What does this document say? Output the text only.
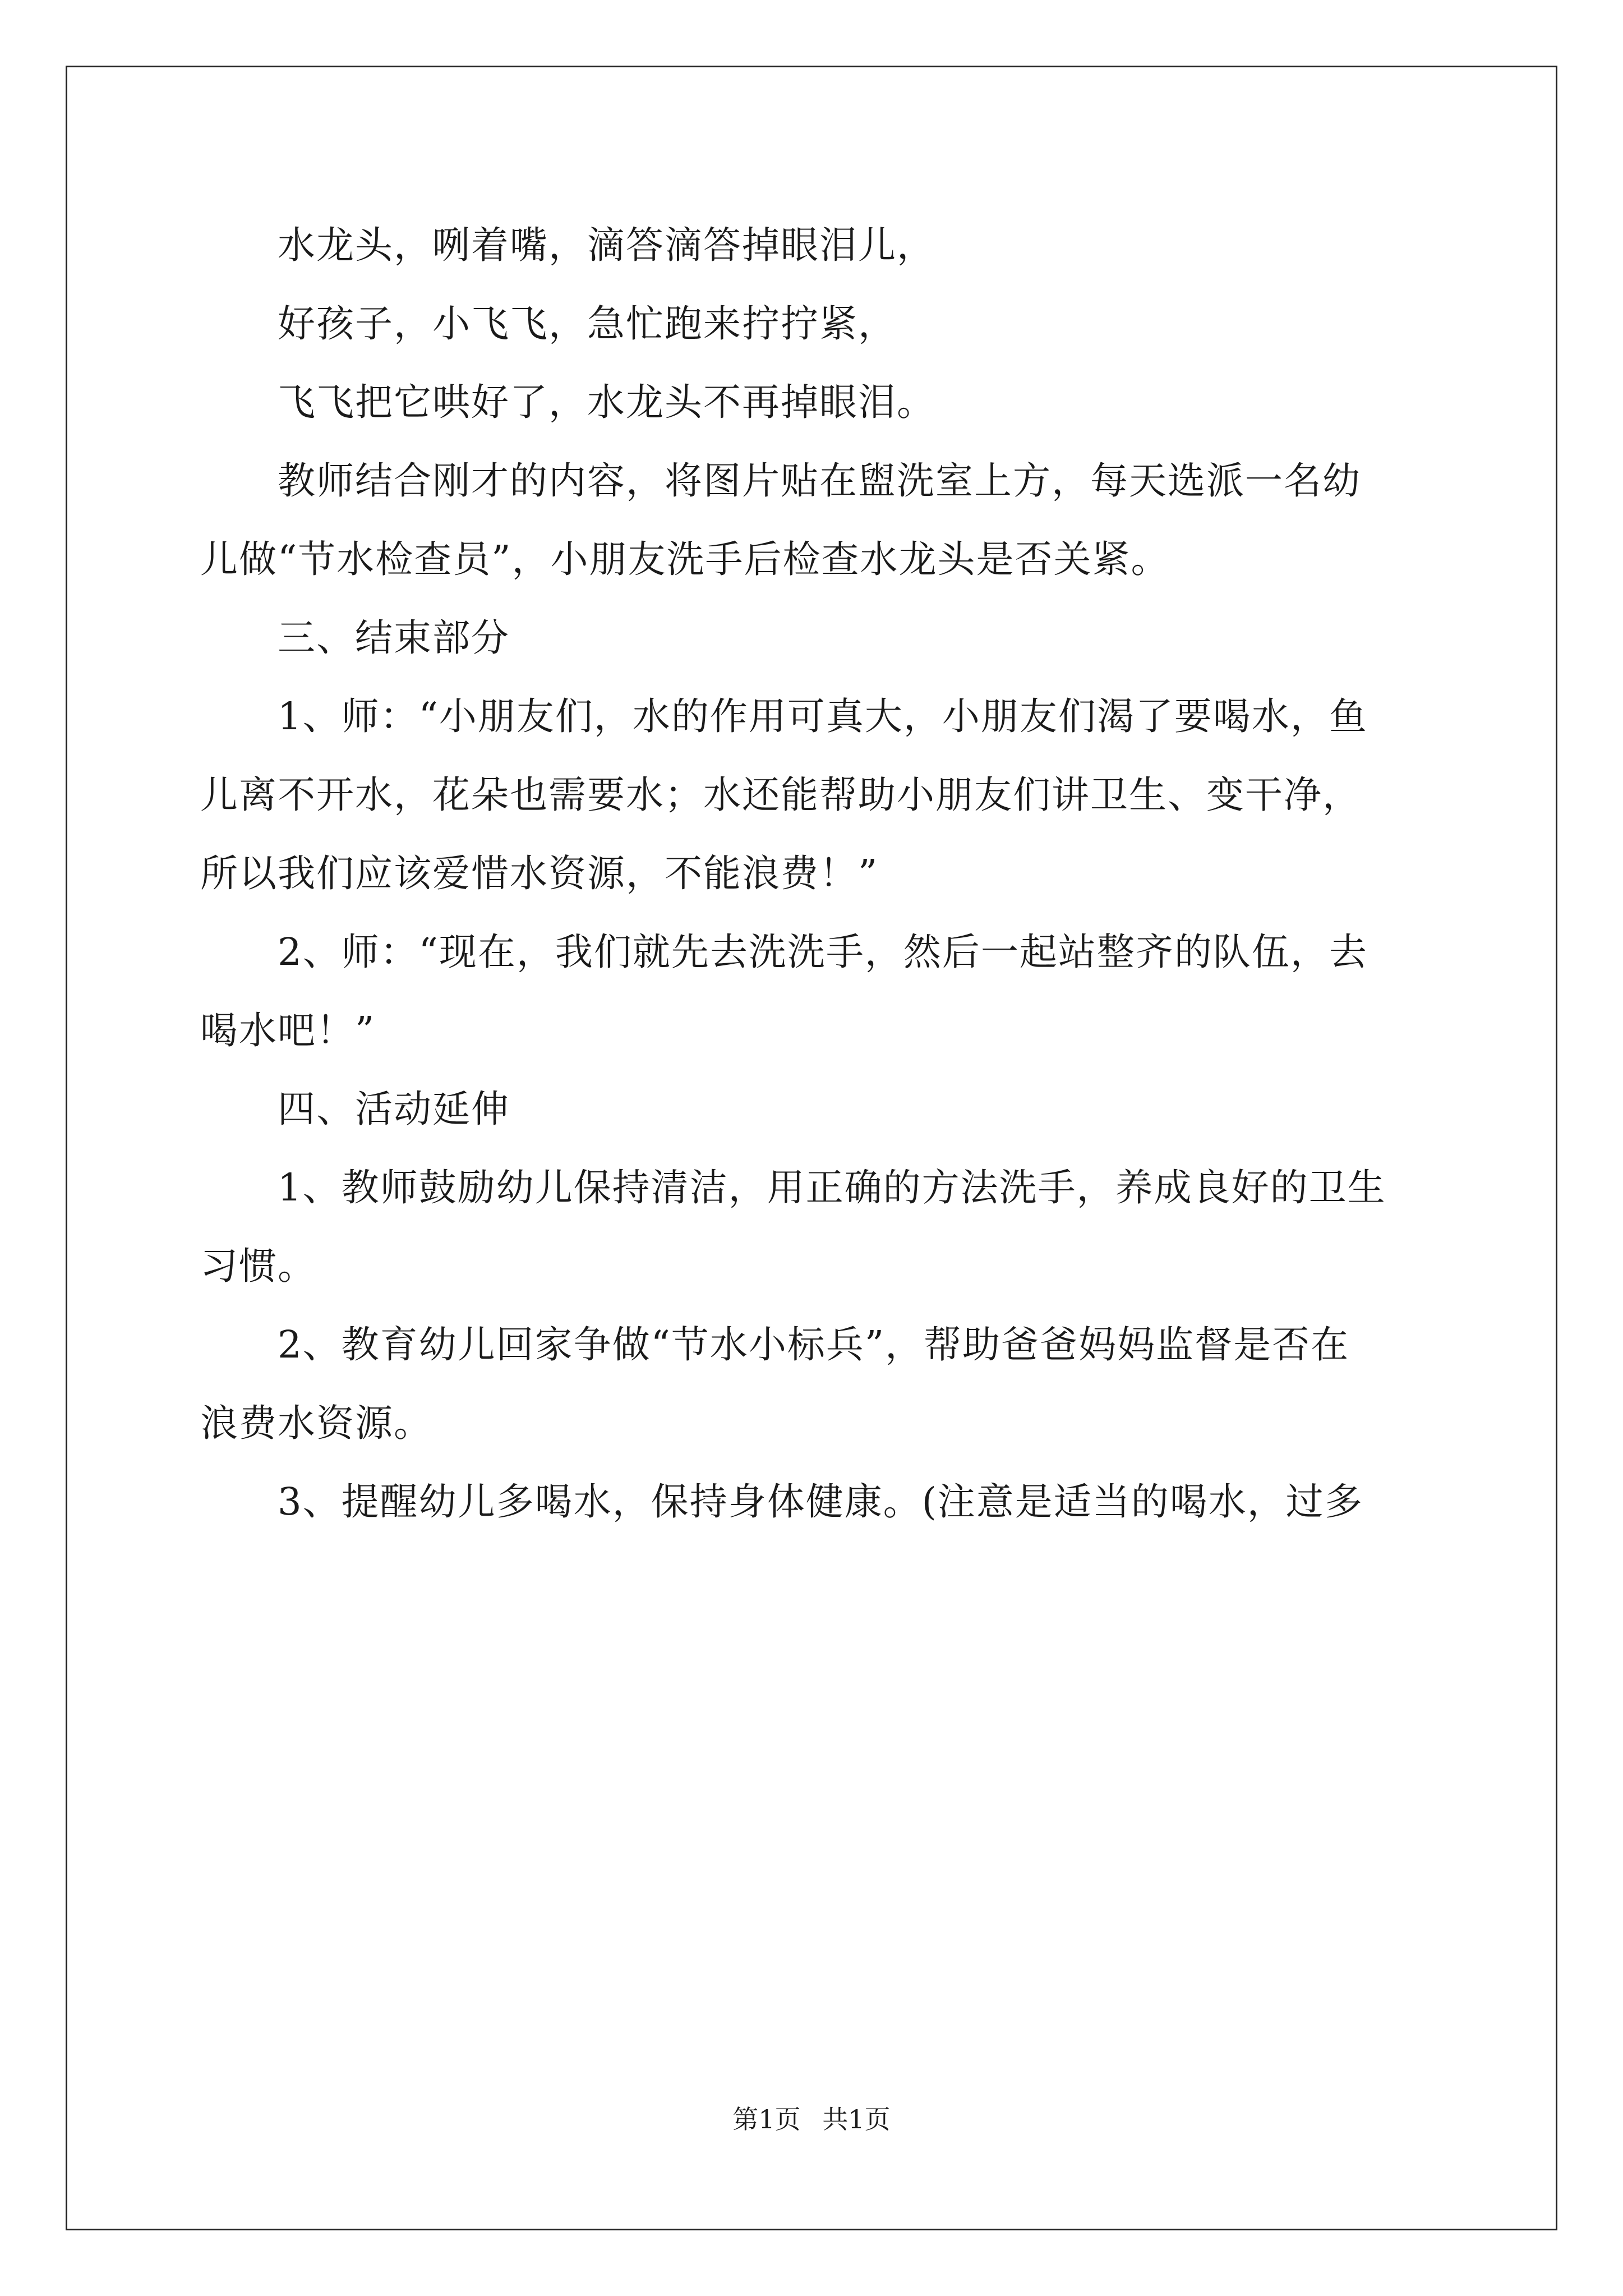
水龙头，咧着嘴，滴答滴答掉眼泪儿，
好孩子，小飞飞，急忙跑来拧拧紧，
飞飞把它哄好了，水龙头不再掉眼泪。
教师结合刚才的内容，将图片贴在盥洗室上方，每天选派一名幼
儿做“节水检查员”，小朋友洗手后检查水龙头是否关紧。
三、结束部分
1、师：“小朋友们，水的作用可真大，小朋友们渴了要喝水，鱼
儿离不开水，花朵也需要水；水还能帮助小朋友们讲卫生、变干净，
所以我们应该爱惜水资源，不能浪费！”
2、师：“现在，我们就先去洗洗手，然后一起站整齐的队伍，去
喝水吧！”
四、活动延伸
1、教师鼓励幼儿保持清洁，用正确的方法洗手，养成良好的卫生
习惯。
2、教育幼儿回家争做“节水小标兵”，帮助爸爸妈妈监督是否在
浪费水资源。
3、提醒幼儿多喝水，保持身体健康。(注意是适当的喝水，过多
第1页 共1页
